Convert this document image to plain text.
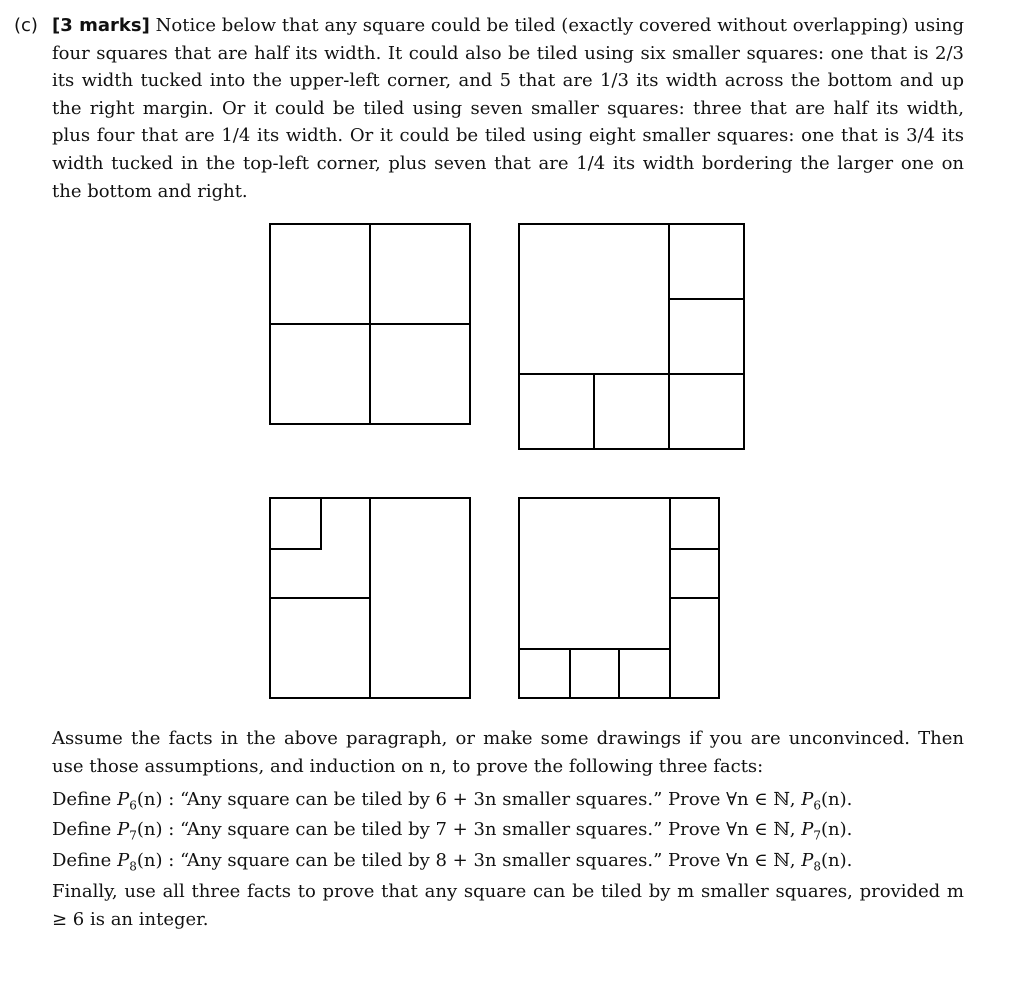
(c) [3 marks] Notice below that any square could be tiled (exactly covered without overlapping) using four squares that are half its width. It could also be tiled using six smaller squares: one that is 2/3 its width tucked into the upper-left corner, and 5 that are 1/3 its width across the bottom and up the right margin. Or it could be tiled using seven smaller squares: three that are half its width, plus four that are 1/4 its width. Or it could be tiled using eight smaller squares: one that is 3/4 its width tucked in the top-left corner, plus seven that are 1/4 its width bordering the larger one on the bottom and right.

Assume the facts in the above paragraph, or make some drawings if you are unconvinced. Then use those assumptions, and induction on n, to prove the following three facts:

Define $P_6(n)$ : “Any square can be tiled by 6 + 3n smaller squares.” Prove ∀n ∈ ℕ, $P_6(n)$.

Define $P_7(n)$ : “Any square can be tiled by 7 + 3n smaller squares.” Prove ∀n ∈ ℕ, $P_7(n)$.

Define $P_8(n)$ : “Any square can be tiled by 8 + 3n smaller squares.” Prove ∀n ∈ ℕ, $P_8(n)$.

Finally, use all three facts to prove that any square can be tiled by m smaller squares, provided m ≥ 6 is an integer.
